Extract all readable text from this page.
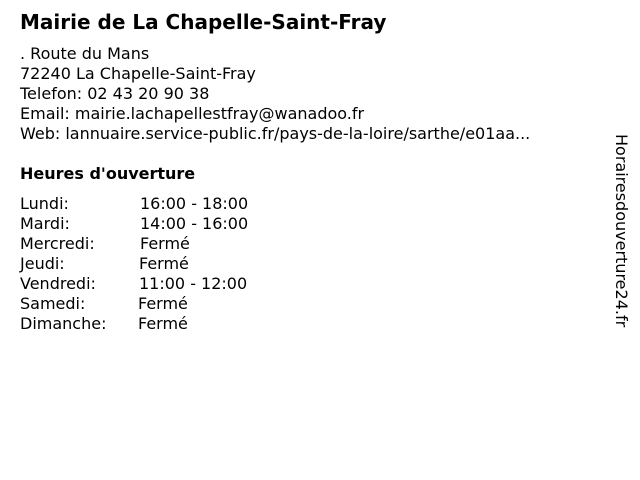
Mairie de La Chapelle-Saint-Fray
. Route du Mans
72240 La Chapelle-Saint-Fray
Telefon: 02 43 20 90 38
Email: mairie.lachapellestfray@wanadoo.fr
Web: lannuaire.service-public.fr/pays-de-la-loire/sarthe/e01aa...
Heures d'ouverture
Lundi:	16:00 - 18:00
Mardi:	14:00 - 16:00
Mercredi:	Fermé
Jeudi:	Fermé
Vendredi:	11:00 - 12:00
Samedi:	Fermé
Dimanche: Fermé	Horairesdouverture24.fr
